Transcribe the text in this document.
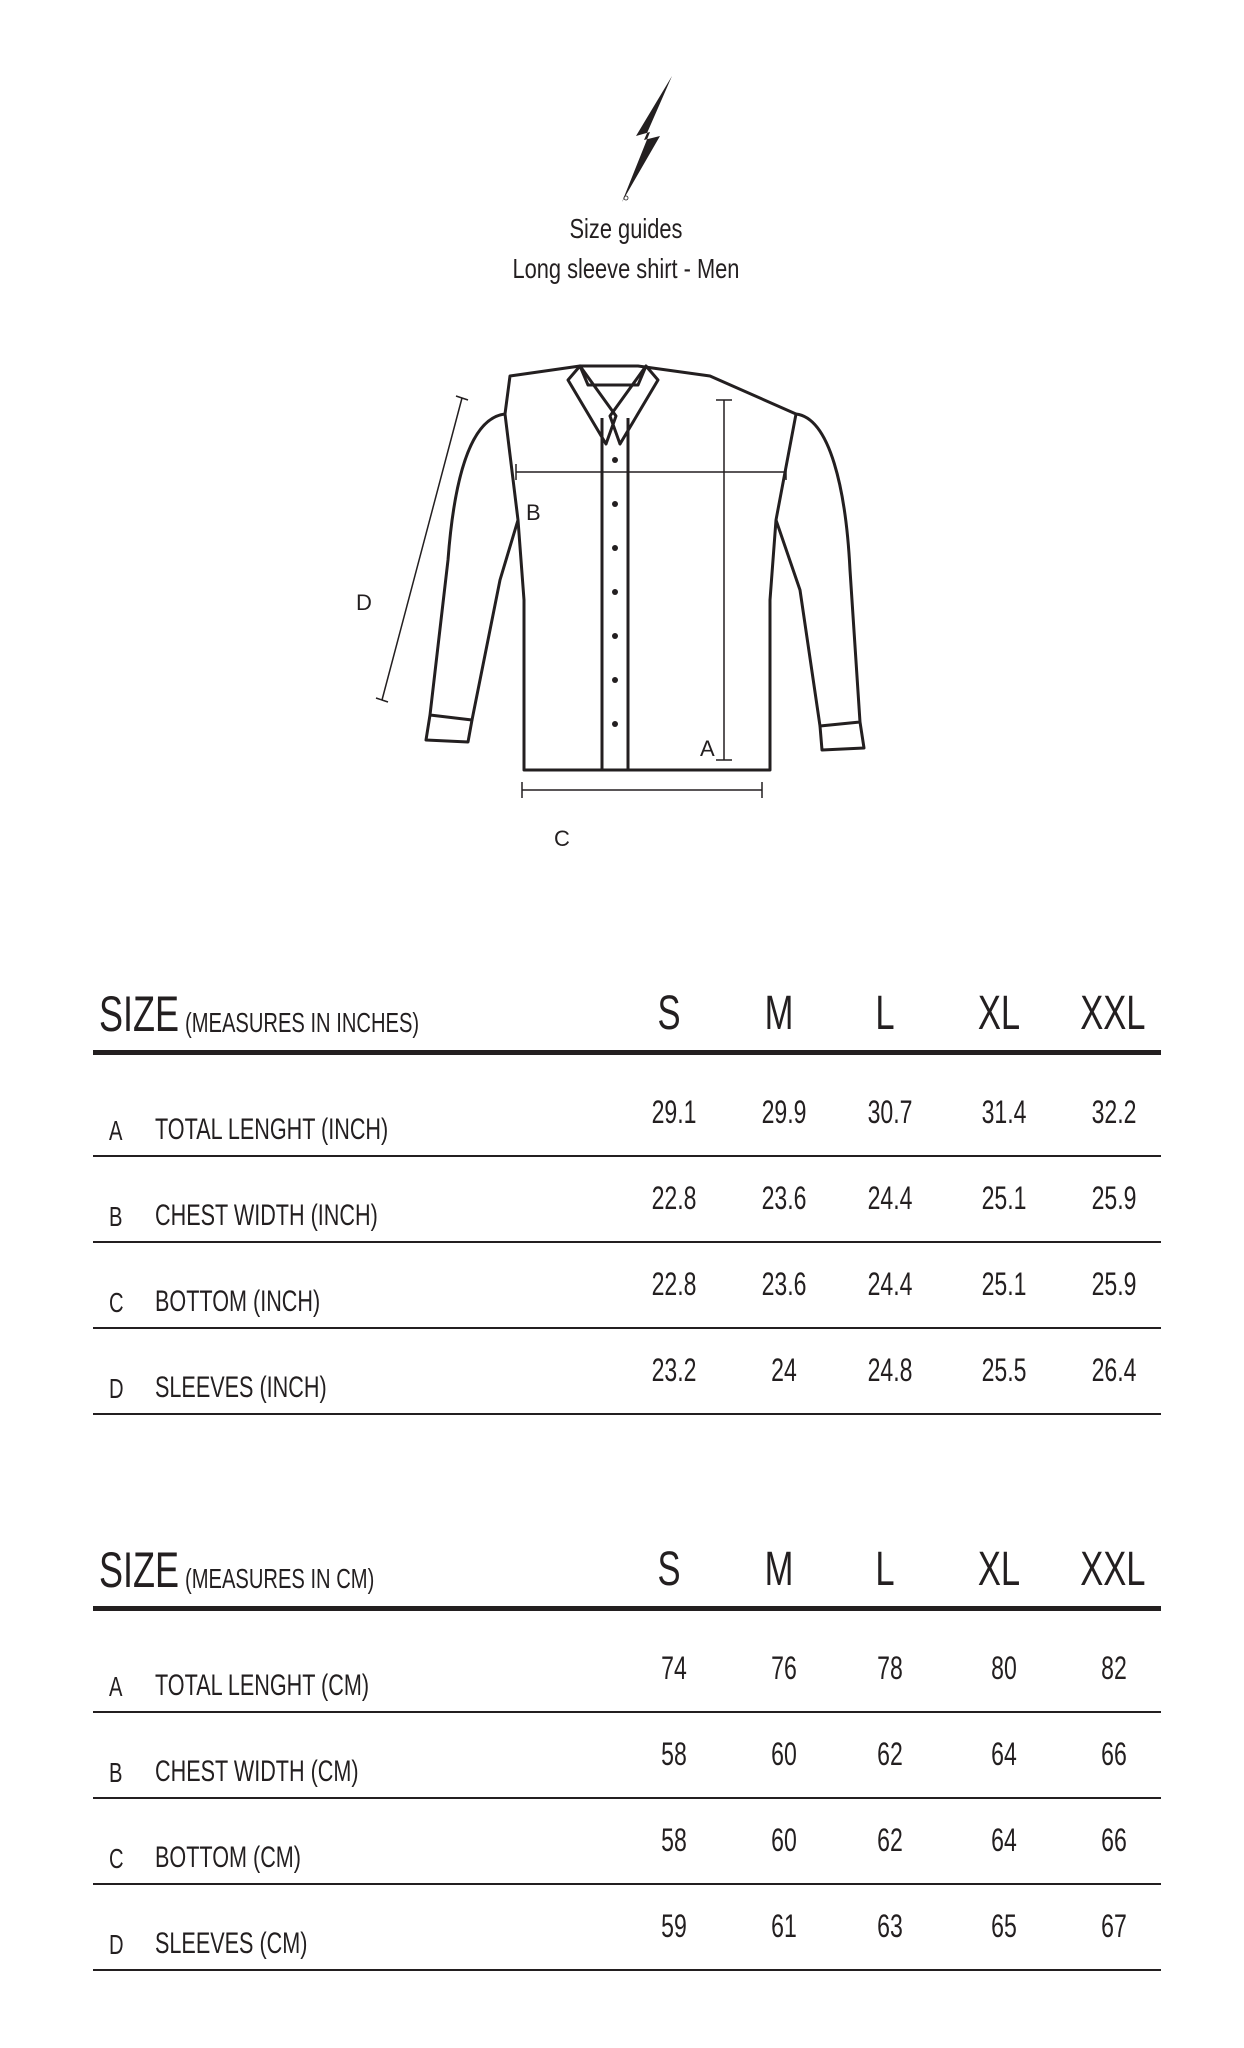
Size guides
Long sleeve shirt - Men
A
B
C
D
SIZE (MEASURES IN INCHES)	S	M	L	XL XXL
A TOTAL LENGHT (INCH)	29.1	29.9	30.7	31.4	32.2
B CHEST WIDTH (INCH)	22.8	23.6	24.4	25.1	25.9
C BOTTOM (INCH)	22.8	23.6	24.4	25.1	25.9
D SLEEVES (INCH)	23.2	24	24.8	25.5	26.4
SIZE (MEASURES IN CM)	S	M	L	XL XXL
A TOTAL LENGHT (CM)	74	76	78	80	82
B CHEST WIDTH (CM)	58	60	62	64	66
C BOTTOM (CM)	58	60	62	64	66
D SLEEVES (CM)	59	61	63	65	67
